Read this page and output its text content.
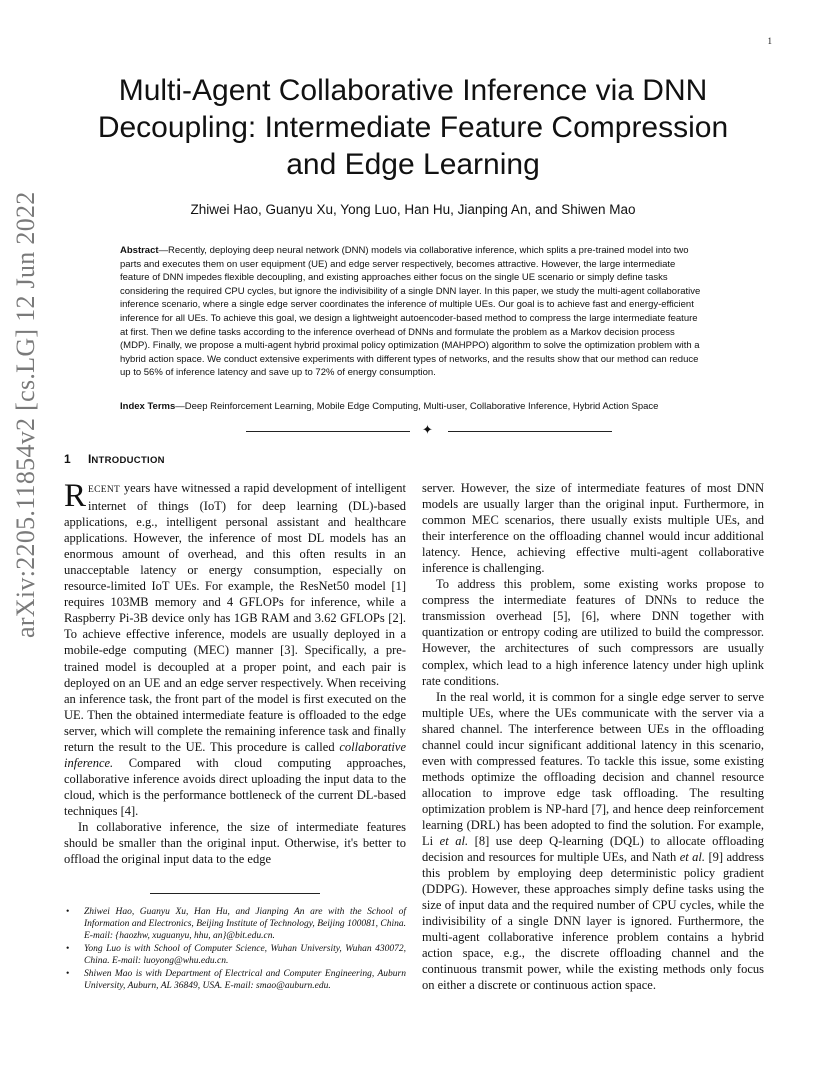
1
arXiv:2205.11854v2 [cs.LG] 12 Jun 2022
Multi-Agent Collaborative Inference via DNN
Decoupling: Intermediate Feature Compression
and Edge Learning
Zhiwei Hao, Guanyu Xu, Yong Luo, Han Hu, Jianping An, and Shiwen Mao
Abstract—Recently, deploying deep neural network (DNN) models via collaborative inference, which splits a pre-trained model into two parts and executes them on user equipment (UE) and edge server respectively, becomes attractive. However, the large intermediate feature of DNN impedes flexible decoupling, and existing approaches either focus on the single UE scenario or simply define tasks considering the required CPU cycles, but ignore the indivisibility of a single DNN layer. In this paper, we study the multi-agent collaborative inference scenario, where a single edge server coordinates the inference of multiple UEs. Our goal is to achieve fast and energy-efficient inference for all UEs. To achieve this goal, we design a lightweight autoencoder-based method to compress the large intermediate feature at first. Then we define tasks according to the inference overhead of DNNs and formulate the problem as a Markov decision process (MDP). Finally, we propose a multi-agent hybrid proximal policy optimization (MAHPPO) algorithm to solve the optimization problem with a hybrid action space. We conduct extensive experiments with different types of networks, and the results show that our method can reduce up to 56% of inference latency and save up to 72% of energy consumption.
Index Terms—Deep Reinforcement Learning, Mobile Edge Computing, Multi-user, Collaborative Inference, Hybrid Action Space
✦
1 INTRODUCTION

RECENT years have witnessed a rapid development of intelligent internet of things (IoT) for deep learning (DL)-based applications, e.g., intelligent personal assistant and healthcare applications. However, the inference of most DL models has an enormous amount of overhead, and this often results in an unacceptable latency or energy consumption, especially on resource-limited IoT UEs. For example, the ResNet50 model [1] requires 103MB memory and 4 GFLOPs for inference, while a Raspberry Pi-3B device only has 1GB RAM and 3.62 GFLOPs [2]. To achieve effective inference, models are usually deployed in a mobile-edge computing (MEC) manner [3]. Specifically, a pre-trained model is decoupled at a proper point, and each pair is deployed on an UE and an edge server respectively. When receiving an inference task, the front part of the model is first executed on the UE. Then the obtained intermediate feature is offloaded to the edge server, which will complete the remaining inference task and finally return the result to the UE. This procedure is called collaborative inference. Compared with cloud computing approaches, collaborative inference avoids direct uploading the input data to the cloud, which is the performance bottleneck of the current DL-based techniques [4].

In collaborative inference, the size of intermediate features should be smaller than the original input. Otherwise, it's better to offload the original input data to the edge

server. However, the size of intermediate features of most DNN models are usually larger than the original input. Furthermore, in common MEC scenarios, there usually exists multiple UEs, and their interference on the offloading channel would incur additional latency. Hence, achieving effective multi-agent collaborative inference is challenging.

To address this problem, some existing works propose to compress the intermediate features of DNNs to reduce the transmission overhead [5], [6], where DNN together with quantization or entropy coding are utilized to build the compressor. However, the architectures of such compressors are usually complex, which lead to a high inference latency under high uplink rate conditions.

In the real world, it is common for a single edge server to serve multiple UEs, where the UEs communicate with the server via a shared channel. The interference between UEs in the offloading channel could incur significant additional latency in this scenario, even with compressed features. To tackle this issue, some existing methods optimize the offloading decision and channel resource allocation to improve edge task offloading. The resulting optimization problem is NP-hard [7], and hence deep reinforcement learning (DRL) has been adopted to find the solution. For example, Li et al. [8] use deep Q-learning (DQL) to allocate offloading decision and resources for multiple UEs, and Nath et al. [9] address this problem by employing deep deterministic policy gradient (DDPG). However, these approaches simply define tasks using the size of input data and the required number of CPU cycles, while the indivisibility of a single DNN layer is ignored. Furthermore, the multi-agent collaborative inference problem contains a hybrid action space, e.g., the discrete offloading channel and the continuous transmit power, while the existing methods only focus on either a discrete or continuous action space.

• Zhiwei Hao, Guanyu Xu, Han Hu, and Jianping An are with the School of Information and Electronics, Beijing Institute of Technology, Beijing 100081, China. E-mail: {haozhw, xuguanyu, hhu, an}@bit.edu.cn.
• Yong Luo is with School of Computer Science, Wuhan University, Wuhan 430072, China. E-mail: luoyong@whu.edu.cn.
• Shiwen Mao is with Department of Electrical and Computer Engineering, Auburn University, Auburn, AL 36849, USA. E-mail: smao@auburn.edu.
